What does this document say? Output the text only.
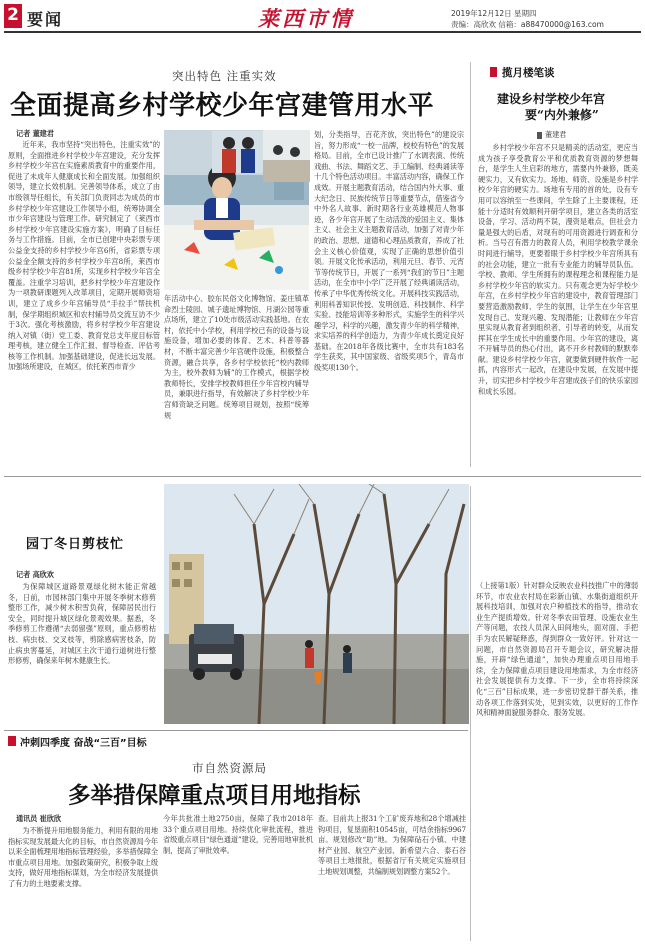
2 要闻	莱西市情	2019年12月12日 星期四
责编：高欣欢 信箱：a88470000@163.com
突出特色 注重实效
全面提高乡村学校少年宫建管用水平
记者 董建君

近年来，我市坚持“突出特色，注重实效”的原则，全面推进乡村学校少年宫建设，充分发挥乡村学校少年宫在实施素质教育中的重要作用，促进了未成年人健康成长和全面发展。加强组织领导，建立长效机制。完善领导体系，成立了由市级领导任组长，有关部门负责同志为成员的市乡村学校少年宫建设工作领导小组，统筹协调全市少年宫建设与管理工作。研究制定了《莱西市乡村学校少年宫建设实施方案》，明确了目标任务与工作措施。目前，全市已创建中央彩票专项公益金支持的乡村学校少年宫6所，省彩票专项公益金全额支持的乡村学校少年宫8所，莱西市级乡村学校少年宫81所，实现乡村学校少年宫全覆盖。注重学习培训，把乡村学校少年宫建设作为一项教研课题列入改革项目，定期开展师资培训，建立了成乡少年宫辅导员“手拉手”帮扶机制，保学期组织城区和农村辅导员交流互访不少于3次。强化考核激励，将乡村学校少年宫建设纳入对镇（街）党工委、教育党总支年度目标管理考核，建立健全工作汇报、督导检查、评估考核等工作机制。加强基础建设，促进长远发展。加强场所建设，在城区，依托莱西市青少

年活动中心、胶东民俗文化博物馆、姜庄镇革命烈士陵园、城子遗址博物馆、月湖公园等重点场所，建立了10处市级活动实践基地。在农村，依托中小学校，利用学校已有的设备与设施设备，增加必要的体育、艺术、科普等器材，不断丰富完善少年宫硬件设施，积极整合资源，融合共享，各乡村学校依托“校内教师为主，校外教师为辅”的工作模式，根据学校教师特长，安排学校教师担任少年宫校内辅导员，兼职进行指导，有效解决了乡村学校少年宫师资缺乏问题。统筹项目规划，按照“统筹规

划，分类指导，百花齐放，突出特色”的建设宗旨，努力形成“一校一品牌，校校有特色”的发展格局。目前，全市已设计推广了水调表演、传统戏曲、书法、舞蹈文艺、手工编制、经典诵读等十几个特色活动项目。丰富活动内容，确保工作成效。开展主题教育活动，结合国内外大事、重大纪念日、民族传统节日等重要节点，借鉴省今中外名人故事、新时期各行业英雄模范人物事迹，各少年宫开展了生动活泼的爱国主义、集体主义、社会主义主题教育活动，加强了对青少年的政治、思想、道德和心理品质教育，养成了社会主义核心价值观，实现了正确的思想价值引领。开展文化传承活动，利用元旦、春节、元宵节等传统节日，开展了一系列“我们的节日”主题活动，在全市中小学广泛开展了经典诵读活动，传承了中华优秀传统文化。开展科技实践活动，利用科普知识传授、发明创造、科技制作、科学实验、技能培训等多种形式，实施学生的科学兴趣学习，科学的兴趣，激发青少年的科学精神，求实培养的科学创造力，为青少年成长奠定良好基础。在2018年各级比赛中，全市共有183名学生获奖，其中国家级、省级奖项5个，青岛市级奖项130个。

揽月楼笔谈
建设乡村学校少年宫
要“内外兼修”
董建君

乡村学校少年宫不只是精美的活动室，更应当成为孩子享受教育公平和优质教育资源的梦想舞台，是学生人生启彩的地方，需要内外兼修，既美硬实力，又有软实力。场地、师资、设施是乡村学校少年宫的硬实力。场地有专用的首的处，设有专用可以容纳至一些课间，学生除了上主要课程，还能十分适时有效顺利开研学项目，建立各类的活室设备，学习、活动两不误，漫资是难点，但社会力量是强大的后盾，对现有的可用资源进行调查和分析。当号召有潜力的教育人员，利用学校教学课余时间进行辅导，更要着眼于乡村学校少年宫所具有的社会功能，建立一批有专业能力的辅导员队伍。学校、教师、学生所拥有的课程理念和课程能力是乡村学校少年宫的软实力。只有观念更为好学校少年宫，在乡村学校少年宫的建设中，教育管理部门要营造激励教师、学生的氛围，让学生在少年宫里发现自己、发现兴趣、发现潜能；让教师在少年宫里实现从教育者到组织者、引导者的转变，从而发挥其在学生成长中的重要作用。少年宫的建设，离不开辅导员的热心付出，离不开乡村教师的默默奉献。建设乡村学校少年宫，就要做到硬件软件一起抓，内容形式一起改，在建设中发展，在发展中提升，切实把乡村学校少年宫建成孩子们的快乐家园和成长乐园。

园丁冬日剪枝忙
记者 高欣欢

为保障城区道路景观绿化树木能正常越冬，日前，市园林部门集中开展冬季树木修剪整形工作，减少树木积雪负荷，保障居民出行安全，同时提升城区绿化景观效果。据悉，冬季修剪工作遵循“去弱留强”原则，重点修剪枯枝、病虫枝、交叉枝等，剪除感病害枝条，防止病虫害蔓延，对城区主次干道行道树进行整形修剪，确保来年树木健康生长。

（上接第1版）针对群众反映农业科技推广中的薄弱环节，市农业农村局在彩新山镇、水集街道组织开展科技培训，加强对农户种植技术的指导，推动农业生产提质增效。针对冬季农田管理、设施农业生产等问题，农技人员深入田间地头，面对面、手把手为农民解疑释惑，得到群众一致好评。针对这一问题，市自然资源局召开专题会议，研究解决措施，开辟“绿色通道”，加快办理重点项目用地手续，全力保障重点项目建设用地需求，为全市经济社会发展提供有力支撑。下一步，全市将持续深化“三百”目标成果，进一步密切党群干群关系，推动各项工作落到实处，见到实效，以更好的工作作风和精神面貌服务群众、服务发展。

冲刺四季度 奋战“三百”目标
市自然资源局
多举措保障重点项目用地指标
通讯员 崔欣欣

为不断提升用地服务能力，利用有限的用地指标实现发展最大化的目标，市自然资源局今年以来全面梳理用地指标管理经验，多举措保障全市重点项目用地。加强政策研究，积极争取上级支持，做好用地指标谋划，为全市经济发展提供了有力的土地要素支撑。

今年共批准土地2750亩，保障了我市2018年33个重点项目用地。持续优化审批流程，推进省级重点项目“绿色通道”建设，完善用地审批机制，提高了审批效率。

查。目前共上报31个工矿废弃地和28个增减挂钩项目，复垦面积10545亩，可结余指标9967亩。规划修改“助”地。为保障砧石小镇、中建材产业园、航空产业园、新希望六合、泰石谷等项目土地报批，根据省厅有关规定实施项目土地规划调整，共编制规划调整方案52个。
